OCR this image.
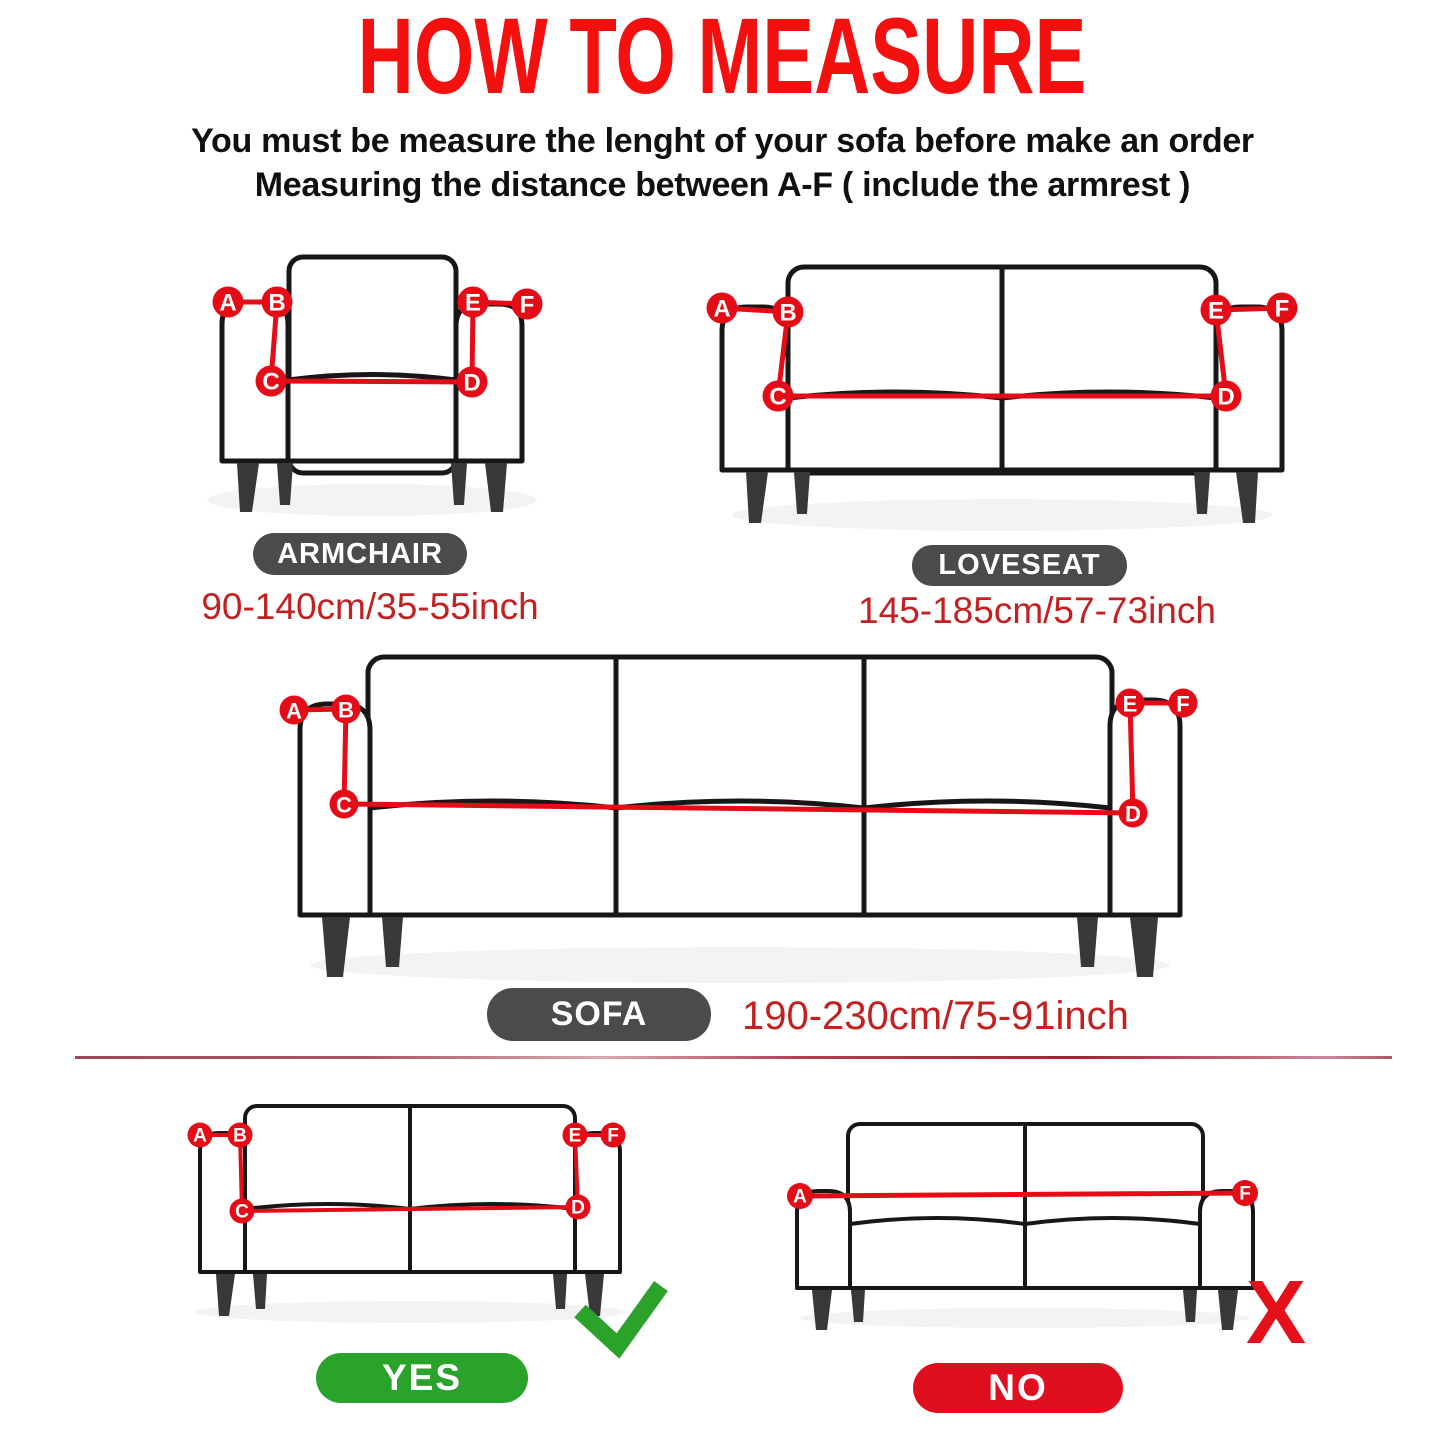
HOW TO MEASURE
You must be measure the lenght of your sofa before make an order
Measuring the distance between A-F ( include the armrest )
A B
C	D
E F	A B
C	D
E F
A B
C	D
E F
A B
C	D
E F
A	F
X
ARMCHAIR
90-140cm/35-55inch
LOVESEAT
145-185cm/57-73inch
SOFA 190-230cm/75-91inch
YES	NO
